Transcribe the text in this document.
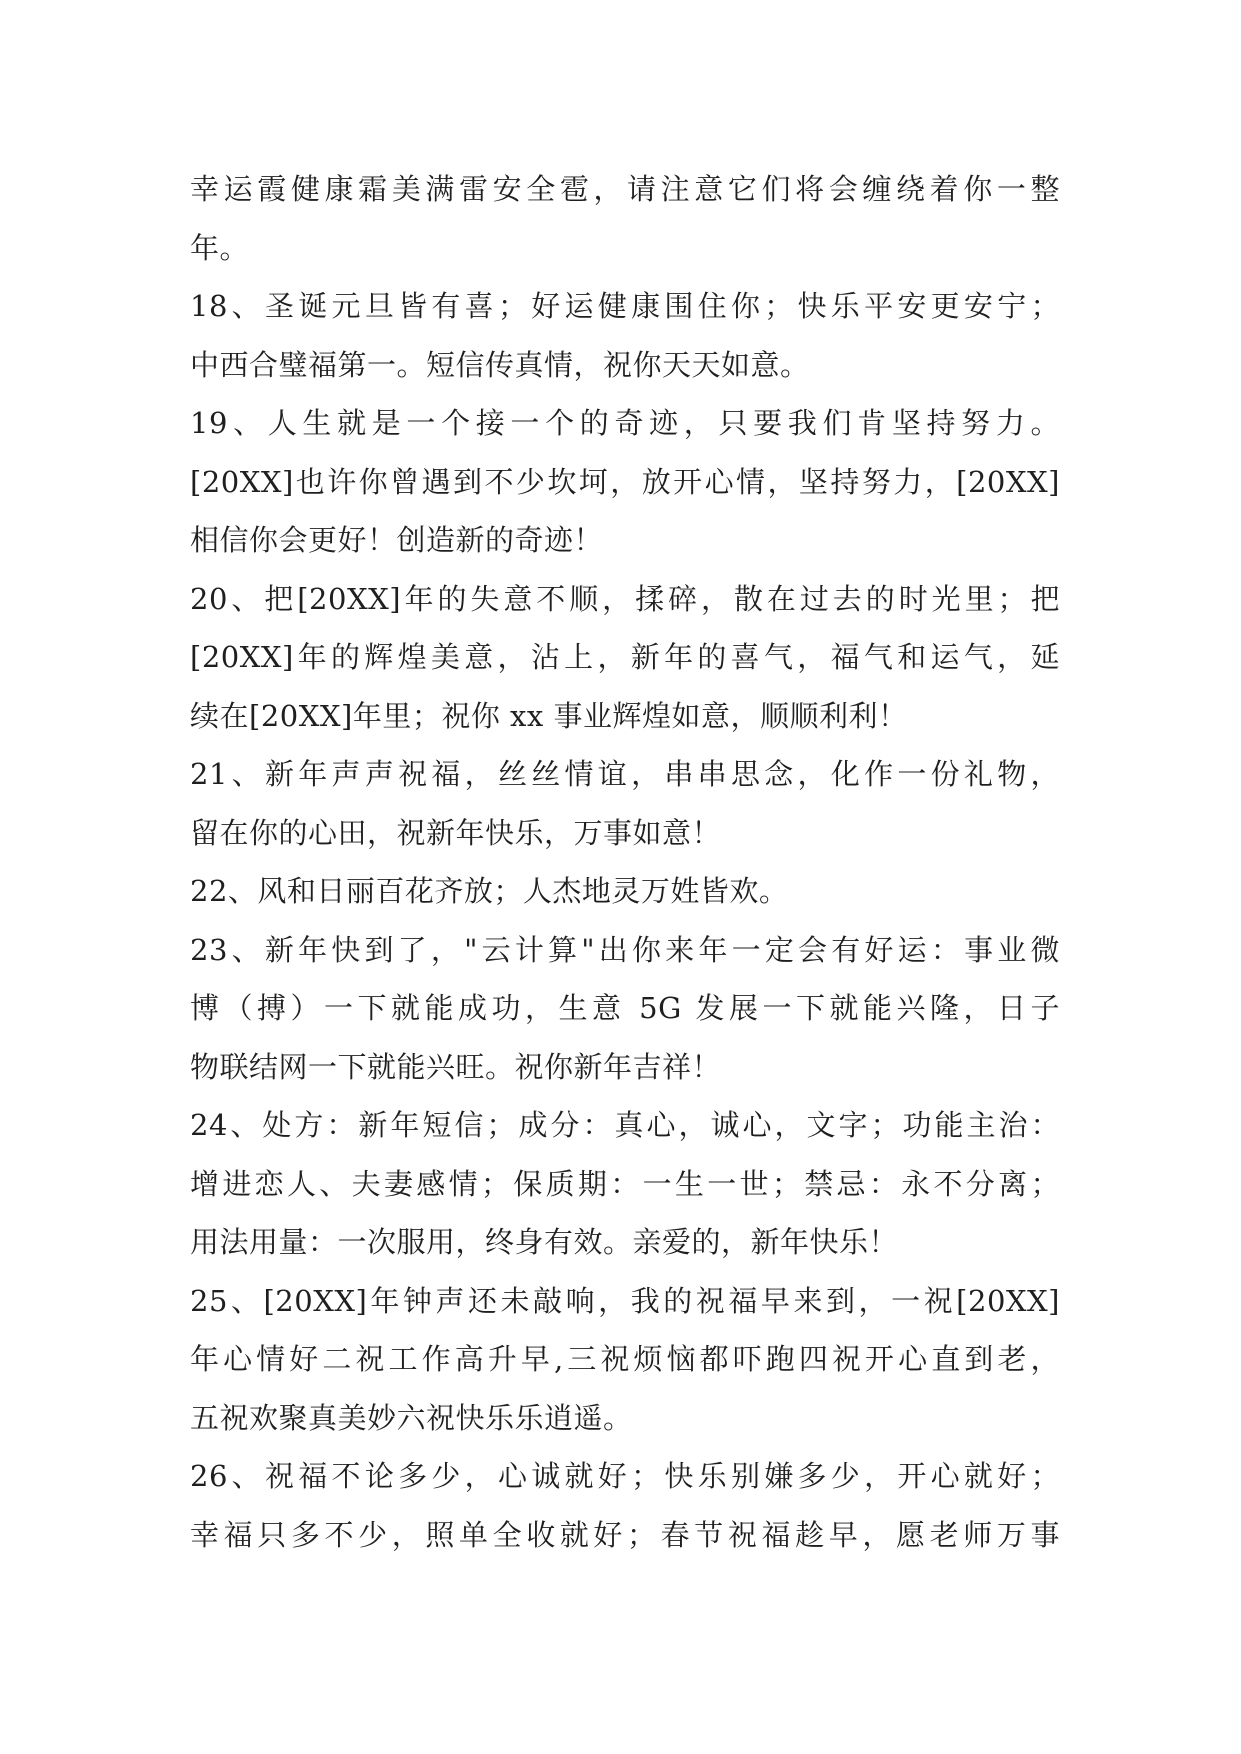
幸运霞健康霜美满雷安全雹，请注意它们将会缠绕着你一整
年。
18、圣诞元旦皆有喜；好运健康围住你；快乐平安更安宁；
中西合璧福第一。短信传真情，祝你天天如意。
19、人生就是一个接一个的奇迹，只要我们肯坚持努力。
[20XX]也许你曾遇到不少坎坷，放开心情，坚持努力，[20XX]
相信你会更好！创造新的奇迹！
20、把[20XX]年的失意不顺，揉碎，散在过去的时光里；把
[20XX]年的辉煌美意，沾上，新年的喜气，福气和运气，延
续在[20XX]年里；祝你 xx 事业辉煌如意，顺顺利利！
21、新年声声祝福，丝丝情谊，串串思念，化作一份礼物，
留在你的心田，祝新年快乐，万事如意！
22、风和日丽百花齐放；人杰地灵万姓皆欢。
23、新年快到了，"云计算"出你来年一定会有好运：事业微
博（搏）一下就能成功，生意 5G 发展一下就能兴隆，日子
物联结网一下就能兴旺。祝你新年吉祥！
24、处方：新年短信；成分：真心，诚心，文字；功能主治：
增进恋人、夫妻感情；保质期：一生一世；禁忌：永不分离；
用法用量：一次服用，终身有效。亲爱的，新年快乐！
25、[20XX]年钟声还未敲响，我的祝福早来到，一祝[20XX]
年心情好二祝工作高升早,三祝烦恼都吓跑四祝开心直到老，
五祝欢聚真美妙六祝快乐乐逍遥。
26、祝福不论多少，心诚就好；快乐别嫌多少，开心就好；
幸福只多不少，照单全收就好；春节祝福趁早，愿老师万事
